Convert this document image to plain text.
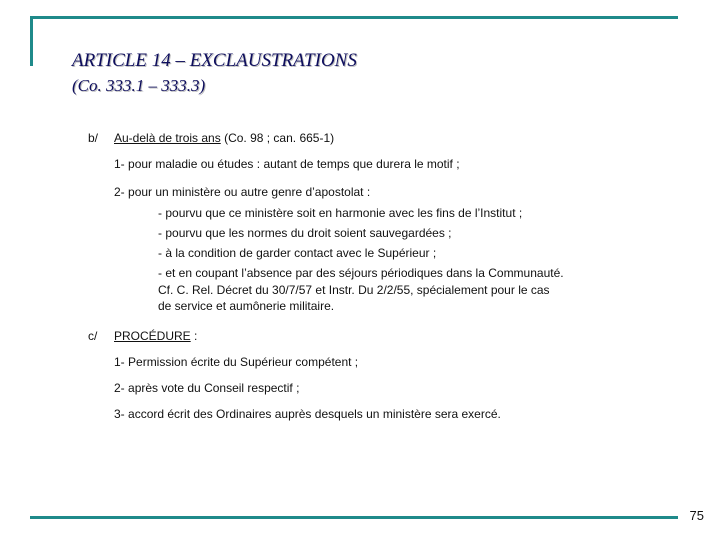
ARTICLE 14 – EXCLAUSTRATIONS
(Co. 333.1 – 333.3)
b/ Au-delà de trois ans (Co. 98 ; can. 665-1)
1- pour maladie ou études : autant de temps que durera le motif ;
2- pour un ministère ou autre genre d’apostolat :
- pourvu que ce ministère soit en harmonie avec les fins de l’Institut ;
- pourvu que les normes du droit soient sauvegardées ;
- à la condition de garder contact avec le Supérieur ;
- et en coupant l’absence par des séjours périodiques dans la Communauté.
Cf. C. Rel. Décret du 30/7/57 et Instr. Du 2/2/55, spécialement pour le cas
de service et aumônerie militaire.
c/ PROCÉDURE :
1- Permission écrite du Supérieur compétent ;
2- après vote du Conseil respectif ;
3- accord écrit des Ordinaires auprès desquels un ministère sera exercé.
75
